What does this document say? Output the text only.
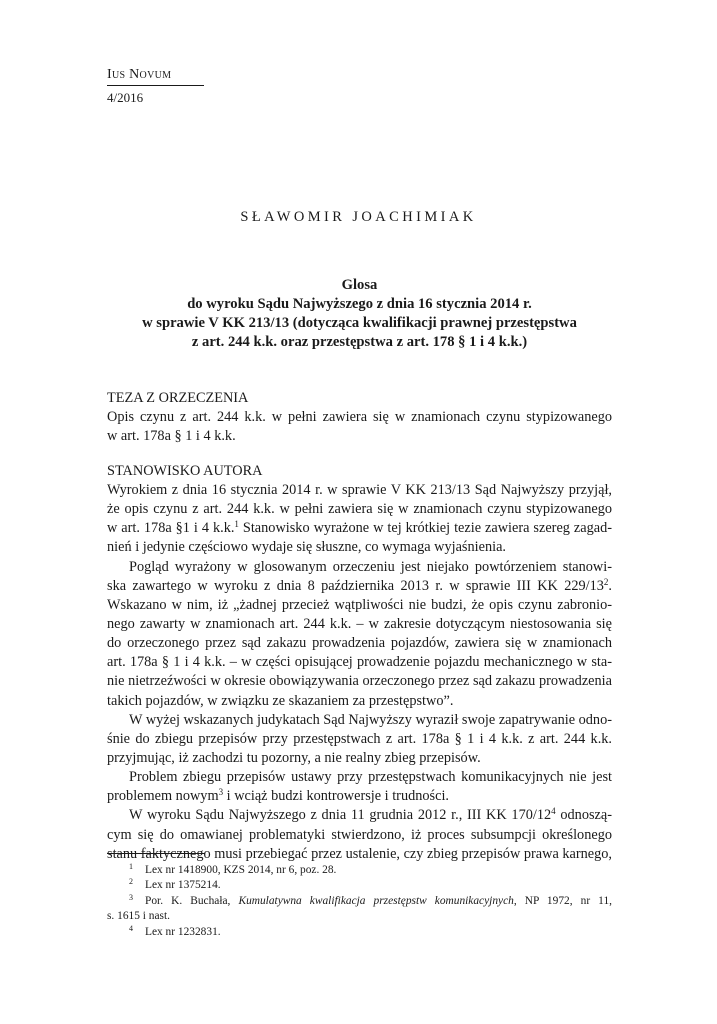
Ius Novum
4/2016
SŁAWOMIR JOACHIMIAK
Glosa
do wyroku Sądu Najwyższego z dnia 16 stycznia 2014 r.
w sprawie V KK 213/13 (dotycząca kwalifikacji prawnej przestępstwa
z art. 244 k.k. oraz przestępstwa z art. 178 § 1 i 4 k.k.)
TEZA Z ORZECZENIA
Opis czynu z art. 244 k.k. w pełni zawiera się w znamionach czynu stypizowanego
w art. 178a § 1 i 4 k.k.
STANOWISKO AUTORA
Wyrokiem z dnia 16 stycznia 2014 r. w sprawie V KK 213/13 Sąd Najwyższy przyjął,
że opis czynu z art. 244 k.k. w pełni zawiera się w znamionach czynu stypizowanego
w art. 178a §1 i 4 k.k.$^1$ Stanowisko wyrażone w tej krótkiej tezie zawiera szereg zagad-
nień i jedynie częściowo wydaje się słuszne, co wymaga wyjaśnienia.
Pogląd wyrażony w glosowanym orzeczeniu jest niejako powtórzeniem stanowi-
ska zawartego w wyroku z dnia 8 października 2013 r. w sprawie III KK $229/13^2$.
Wskazano w nim, iż „żadnej przecież wątpliwości nie budzi, że opis czynu zabronio-
nego zawarty w znamionach art. 244 k.k. – w zakresie dotyczącym niestosowania się
do orzeczonego przez sąd zakazu prowadzenia pojazdów, zawiera się w znamionach
art. 178a § 1 i 4 k.k. – w części opisującej prowadzenie pojazdu mechanicznego w sta-
nie nietrzeźwości w okresie obowiązywania orzeczonego przez sąd zakazu prowadzenia
takich pojazdów, w związku ze skazaniem za przestępstwo”.
W wyżej wskazanych judykatach Sąd Najwyższy wyraził swoje zapatrywanie odno-
śnie do zbiegu przepisów przy przestępstwach z art. 178a § 1 i 4 k.k. z art. 244 k.k.
przyjmując, iż zachodzi tu pozorny, a nie realny zbieg przepisów.
Problem zbiegu przepisów ustawy przy przestępstwach komunikacyjnych nie jest
problemem nowym$^3$ i wciąż budzi kontrowersje i trudności.
W wyroku Sądu Najwyższego z dnia 11 grudnia 2012 r., III KK $170/12^4$ odnoszą-
cym się do omawianej problematyki stwierdzono, iż proces subsumpcji określonego
stanu faktycznego musi przebiegać przez ustalenie, czy zbieg przepisów prawa karnego,
1 Lex nr 1418900, KZS 2014, nr 6, poz. 28.
2 Lex nr 1375214.
3 Por. K. Buchała, Kumulatywna kwalifikacja przestępstw komunikacyjnych, NP 1972, nr 11,
s. 1615 i nast.
4 Lex nr 1232831.
